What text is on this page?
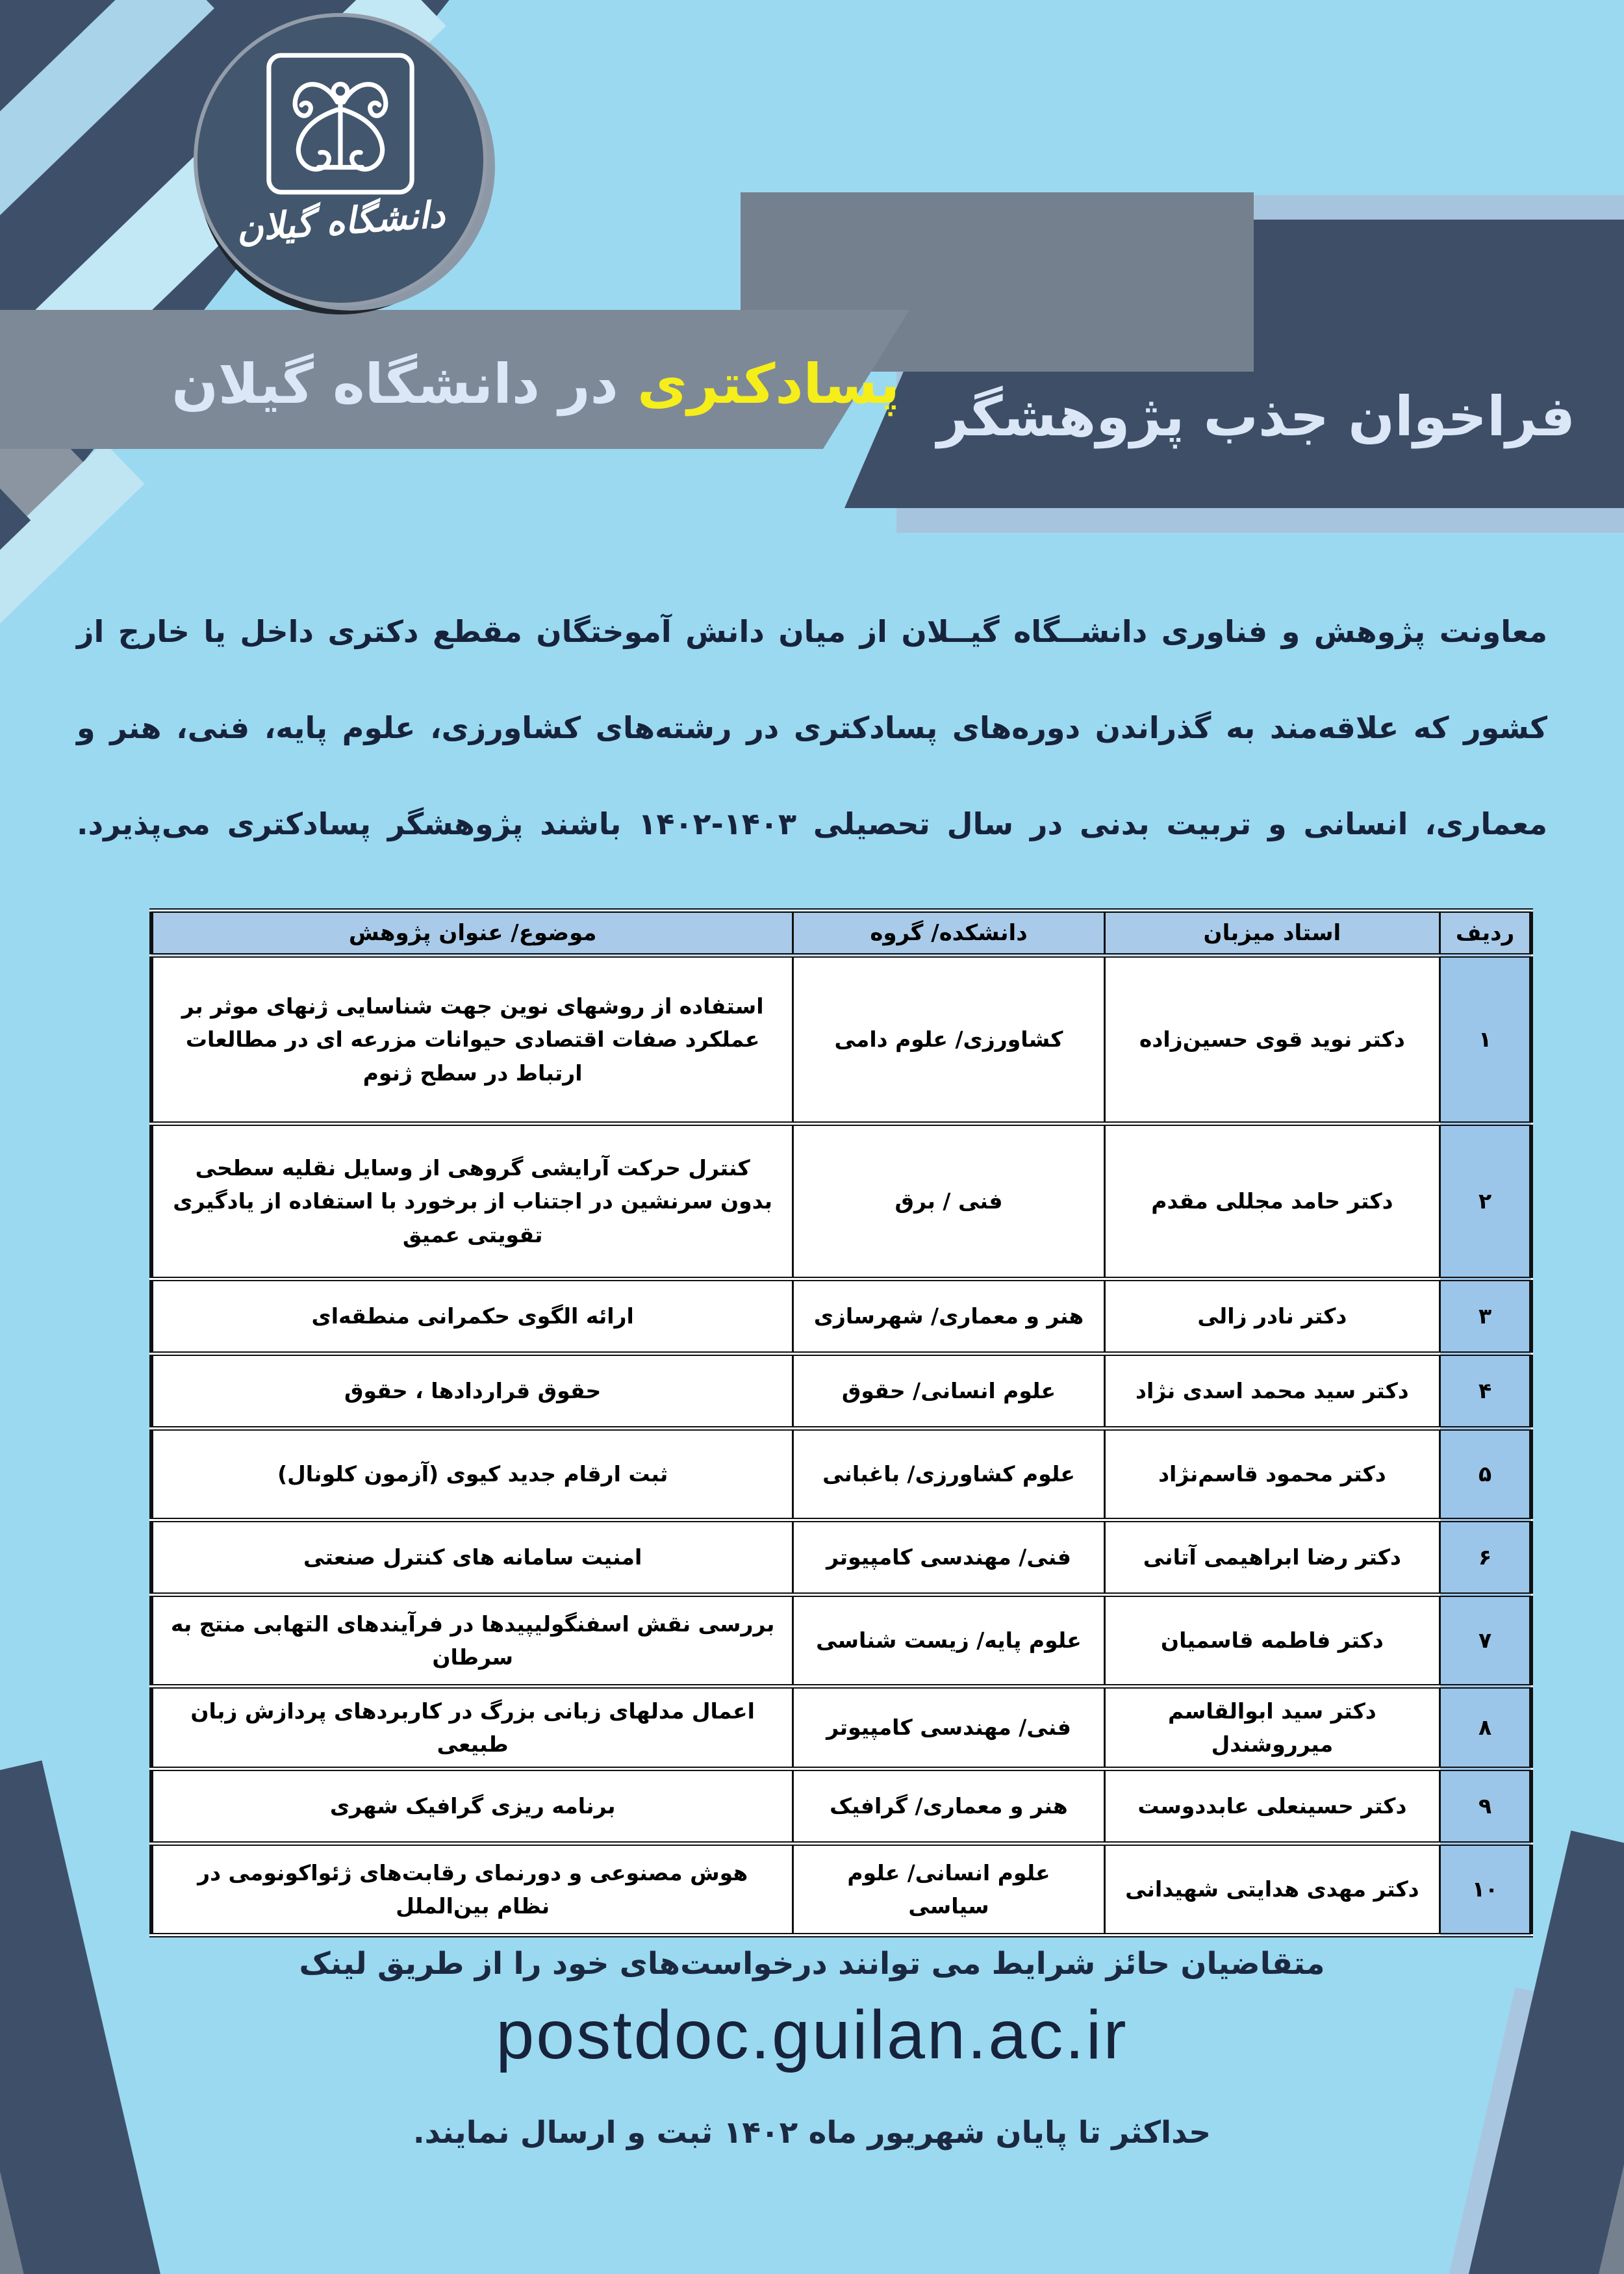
فراخوان جذب پژوهشگر
پسادکتری در دانشگاه گیلان
دانشگاه گیلان
معاونت پژوهش و فناوری دانشــگاه گیــلان از میان دانش آموختگان مقطع دکتری داخل یا خارج از
کشور که علاقه‌مند به گذراندن دوره‌های پسادکتری در رشته‌های کشاورزی، علوم پایه، فنی، هنر و
معماری، انسانی و تربیت بدنی در سال تحصیلی ۱۴۰۳-۱۴۰۲ باشند پژوهشگر پسادکتری می‌پذیرد.
ردیف	استاد میزبان	دانشکده/ گروه	موضوع/ عنوان پژوهش
۱	دکتر نوید قوی حسین‌زاده	کشاورزی/ علوم دامی	استفاده از روشهای نوین جهت شناسایی ژنهای موثر بر عملکرد صفات اقتصادی حیوانات مزرعه ای در مطالعات ارتباط در سطح ژنوم
۲	دکتر حامد مجللی مقدم	فنی / برق	کنترل حرکت آرایشی گروهی از وسایل نقلیه سطحی بدون سرنشین در اجتناب از برخورد با استفاده از یادگیری تقویتی عمیق
۳	دکتر نادر زالی	هنر و معماری/ شهرسازی	ارائه الگوی حکمرانی منطقه‌ای
۴	دکتر سید محمد اسدی نژاد	علوم انسانی/ حقوق	حقوق قراردادها ، حقوق
۵	دکتر محمود قاسم‌نژاد	علوم کشاورزی/ باغبانی	ثبت ارقام جدید کیوی (آزمون کلونال)
۶	دکتر رضا ابراهیمی آتانی	فنی/ مهندسی کامپیوتر	امنیت سامانه های کنترل صنعتی
۷	دکتر فاطمه قاسمیان	علوم پایه/ زیست شناسی	بررسی نقش اسفنگولیپیدها در فرآیندهای التهابی منتج به سرطان
۸	دکتر سید ابوالقاسم میرروشندل	فنی/ مهندسی کامپیوتر	اعمال مدلهای زبانی بزرگ در کاربردهای پردازش زبان طبیعی
۹	دکتر حسینعلی عابددوست	هنر و معماری/ گرافیک	برنامه ریزی گرافیک شهری
۱۰	دکتر مهدی هدایتی شهیدانی	علوم انسانی/ علوم سیاسی	هوش مصنوعی و دورنمای رقابت‌های ژئواکونومی در نظام بین‌الملل
متقاضیان حائز شرایط می توانند درخواست‌های خود را از طریق لینک
postdoc.guilan.ac.ir
حداکثر تا پایان شهریور ماه ۱۴۰۲ ثبت و ارسال نمایند.
